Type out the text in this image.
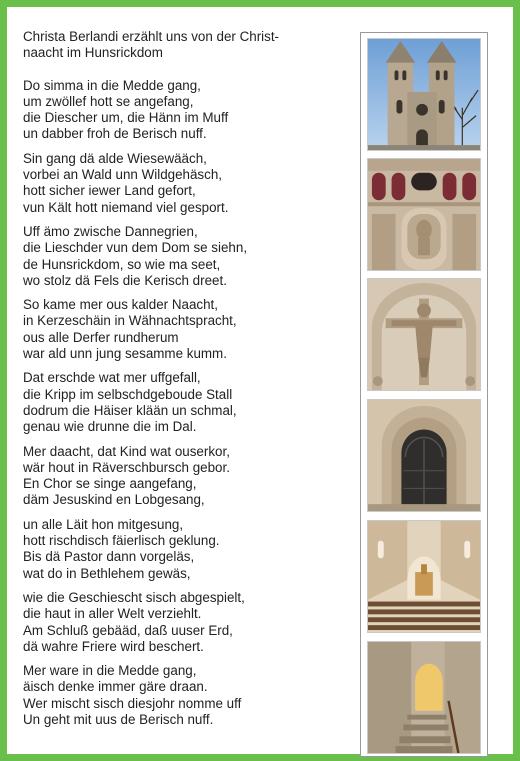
Christa Berlandi erzählt uns von der Christ-
naacht im Hunsrickdom
Do simma in die Medde gang,
um zwöllef hott se angefang,
die Diescher um, die Hänn im Muff
un dabber froh de Berisch nuff.
Sin gang dä alde Wiesewääch,
vorbei an Wald unn Wildgehäsch,
hott sicher iewer Land gefort,
vun Kält hott niemand viel gesport.
Uff ämo zwische Dannegrien,
die Lieschder vun dem Dom se siehn,
de Hunsrickdom, so wie ma seet,
wo stolz dä Fels die Kerisch dreet.
So kame mer ous kalder Naacht,
in Kerzeschäin in Wähnachtspracht,
ous alle Derfer rundherum
war ald unn jung sesamme kumm.
Dat erschde wat mer uffgefall,
die Kripp im selbschdgeboude Stall
dodrum die Häiser klään un schmal,
genau wie drunne die im Dal.
Mer daacht, dat Kind wat ouserkor,
wär hout in Räverschbursch gebor.
En Chor se singe aangefang,
däm Jesuskind en Lobgesang,
un alle Läit hon mitgesung,
hott rischdisch fäierlisch geklung.
Bis dä Pastor dann vorgeläs,
wat do in Bethlehem gewäs,
wie die Geschiescht sisch abgespielt,
die haut in aller Welt verziehlt.
Am Schluß gebääd, daß uuser Erd,
dä wahre Friere wird beschert.
Mer ware in die Medde gang,
äisch denke immer gäre draan.
Wer mischt sisch diesjohr nomme uff
Un geht mit uus de Berisch nuff.
